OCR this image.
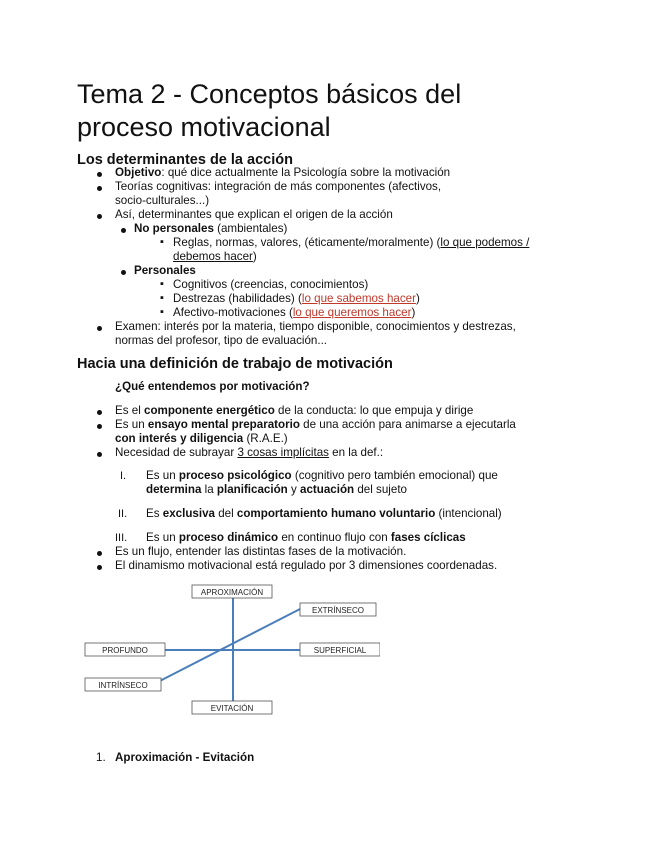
Tema 2 - Conceptos básicos del
proceso motivacional
Los determinantes de la acción
Objetivo: qué dice actualmente la Psicología sobre la motivación
Teorías cognitivas: integración de más componentes (afectivos,
socio-culturales...)
Así, determinantes que explican el origen de la acción
No personales (ambientales)
▪ Reglas, normas, valores, (éticamente/moralmente) (lo que podemos /
debemos hacer)
Personales
▪ Cognitivos (creencias, conocimientos)
▪ Destrezas (habilidades) (lo que sabemos hacer)
▪ Afectivo-motivaciones (lo que queremos hacer)
Examen: interés por la materia, tiempo disponible, conocimientos y destrezas,
normas del profesor, tipo de evaluación...
Hacia una definición de trabajo de motivación
¿Qué entendemos por motivación?
Es el componente energético de la conducta: lo que empuja y dirige
Es un ensayo mental preparatorio de una acción para animarse a ejecutarla
con interés y diligencia (R.A.E.)
Necesidad de subrayar 3 cosas implícitas en la def.:
I. Es un proceso psicológico (cognitivo pero también emocional) que
determina la planificación y actuación del sujeto
II. Es exclusiva del comportamiento humano voluntario (intencional)
III. Es un proceso dinámico en continuo flujo con fases cíclicas
Es un flujo, entender las distintas fases de la motivación.
El dinamismo motivacional está regulado por 3 dimensiones coordenadas.
APROXIMACIÓN
EXTRÍNSECO
PROFUNDO	SUPERFICIAL
INTRÍNSECO
EVITACIÓN
1. Aproximación - Evitación
